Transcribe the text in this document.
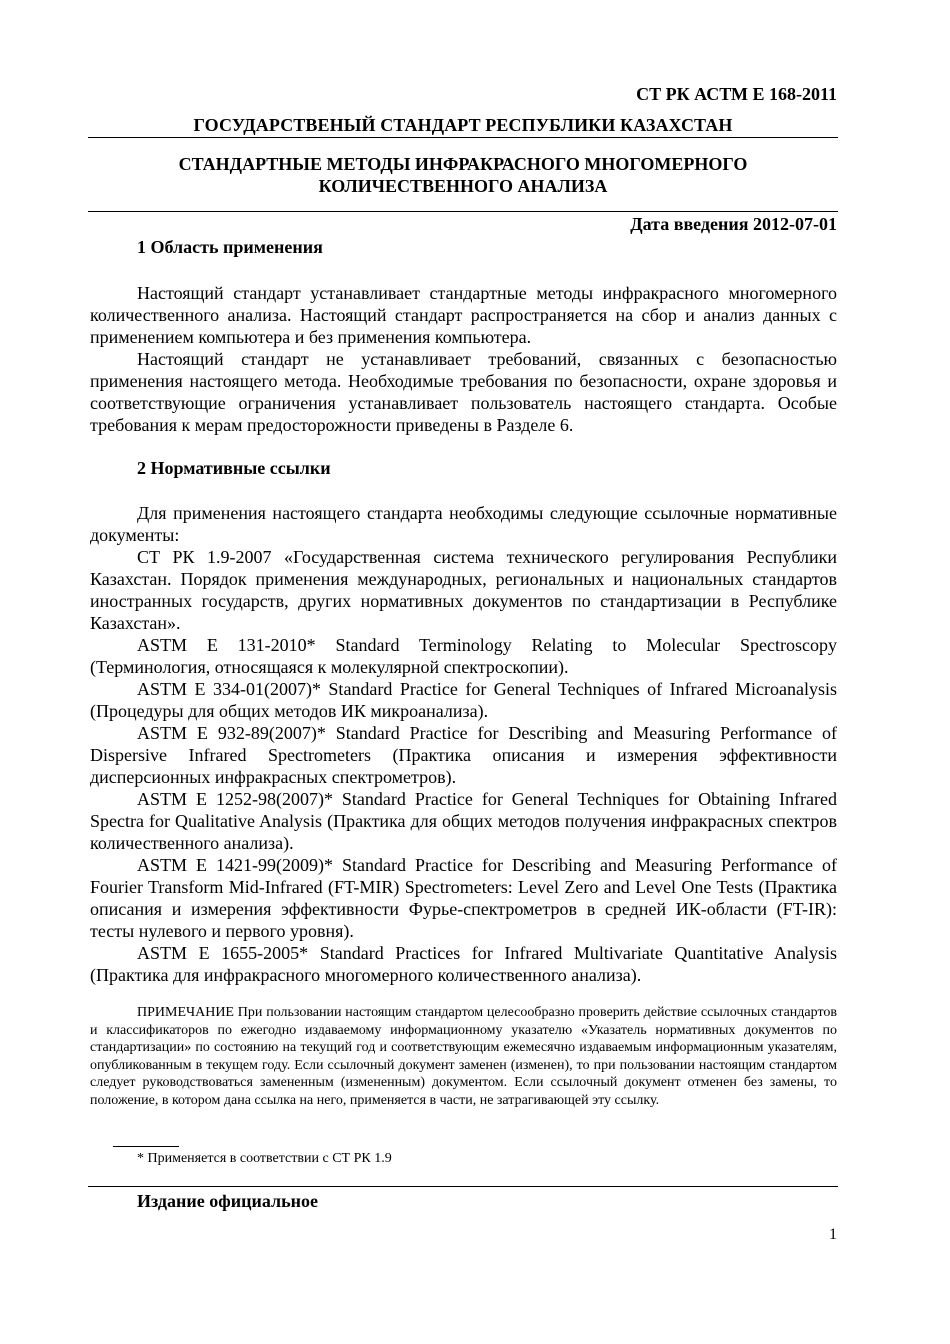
СТ РК АСТМ Е 168-2011
ГОСУДАРСТВЕНЫЙ СТАНДАРТ РЕСПУБЛИКИ КАЗАХСТАН
СТАНДАРТНЫЕ МЕТОДЫ ИНФРАКРАСНОГО МНОГОМЕРНОГО
КОЛИЧЕСТВЕННОГО АНАЛИЗА
Дата введения 2012-07-01
1 Область применения

Настоящий стандарт устанавливает стандартные методы инфракрасного многомерного количественного анализа. Настоящий стандарт распространяется на сбор и анализ данных с применением компьютера и без применения компьютера.

Настоящий стандарт не устанавливает требований, связанных с безопасностью применения настоящего метода. Необходимые требования по безопасности, охране здоровья и соответствующие ограничения устанавливает пользователь настоящего стандарта. Особые требования к мерам предосторожности приведены в Разделе 6.

2 Нормативные ссылки

Для применения настоящего стандарта необходимы следующие ссылочные нормативные документы:

СТ РК 1.9-2007 «Государственная система технического регулирования Республики Казахстан. Порядок применения международных, региональных и национальных стандартов иностранных государств, других нормативных документов по стандартизации в Республике Казахстан».

ASTM E 131-2010* Standard Terminology Relating to Molecular Spectroscopy (Терминология, относящаяся к молекулярной спектроскопии).

ASTM E 334-01(2007)* Standard Practice for General Techniques of Infrared Microanalysis (Процедуры для общих методов ИК микроанализа).

ASTM E 932-89(2007)* Standard Practice for Describing and Measuring Performance of Dispersive Infrared Spectrometers (Практика описания и измерения эффективности дисперсионных инфракрасных спектрометров).

ASTM E 1252-98(2007)* Standard Practice for General Techniques for Obtaining Infrared Spectra for Qualitative Analysis (Практика для общих методов получения инфракрасных спектров количественного анализа).

ASTM E 1421-99(2009)* Standard Practice for Describing and Measuring Performance of Fourier Transform Mid-Infrared (FT-MIR) Spectrometers: Level Zero and Level One Tests (Практика описания и измерения эффективности Фурье-спектрометров в средней ИК-области (FT-IR): тесты нулевого и первого уровня).

ASTM E 1655-2005* Standard Practices for Infrared Multivariate Quantitative Analysis (Практика для инфракрасного многомерного количественного анализа).

ПРИМЕЧАНИЕ При пользовании настоящим стандартом целесообразно проверить действие ссылочных стандартов и классификаторов по ежегодно издаваемому информационному указателю «Указатель нормативных документов по стандартизации» по состоянию на текущий год и соответствующим ежемесячно издаваемым информационным указателям, опубликованным в текущем году. Если ссылочный документ заменен (изменен), то при пользовании настоящим стандартом следует руководствоваться замененным (измененным) документом. Если ссылочный документ отменен без замены, то положение, в котором дана ссылка на него, применяется в части, не затрагивающей эту ссылку.
* Применяется в соответствии с СТ РК 1.9
Издание официальное
1
